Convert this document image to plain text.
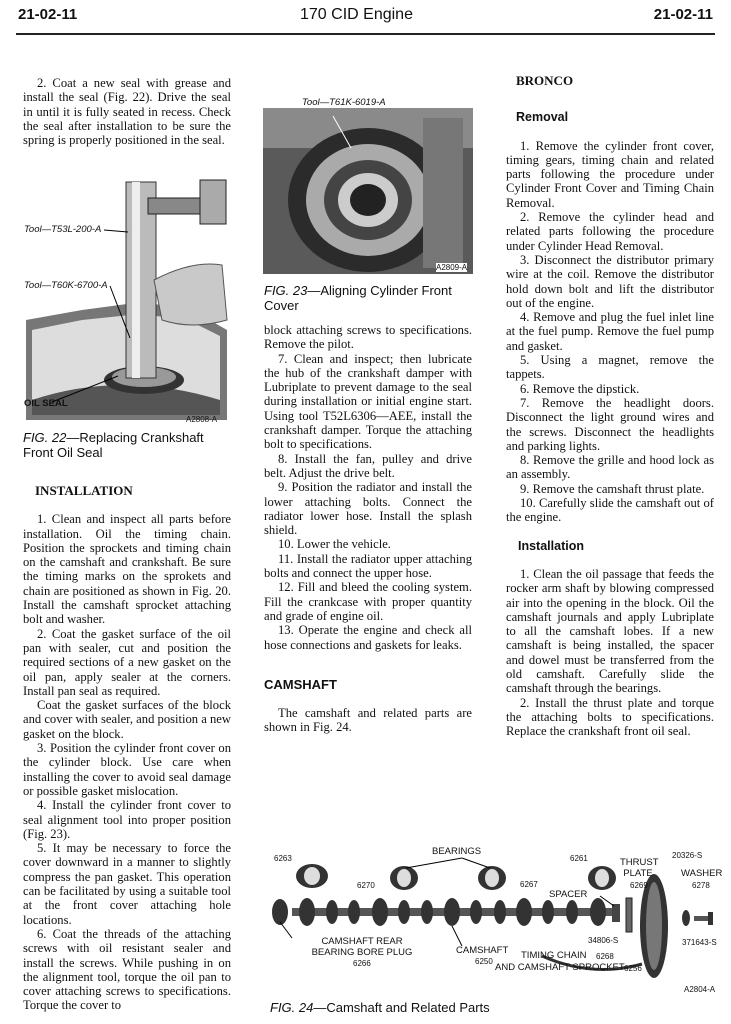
21-02-11	170 CID Engine	21-02-11

2. Coat a new seal with grease and install the seal (Fig. 22). Drive the seal in until it is fully seated in recess. Check the seal after installation to be sure the spring is properly positioned in the seal.

Tool—T53L-200-A
Tool—T60K-6700-A
OIL SEAL
A2808-A
FIG. 22—Replacing Crankshaft Front Oil Seal
INSTALLATION

1. Clean and inspect all parts before installation. Oil the timing chain. Position the sprockets and timing chain on the camshaft and crankshaft. Be sure the timing marks on the sprokets and chain are positioned as shown in Fig. 20. Install the camshaft sprocket attaching bolt and washer.

2. Coat the gasket surface of the oil pan with sealer, cut and position the required sections of a new gasket on the oil pan, apply sealer at the corners. Install pan seal as required.

Coat the gasket surfaces of the block and cover with sealer, and position a new gasket on the block.

3. Position the cylinder front cover on the cylinder block. Use care when installing the cover to avoid seal damage or possible gasket mislocation.

4. Install the cylinder front cover to seal alignment tool into proper position (Fig. 23).

5. It may be necessary to force the cover downward in a manner to slightly compress the pan gasket. This operation can be facilitated by using a suitable tool at the front cover attaching hole locations.

6. Coat the threads of the attaching screws with oil resistant sealer and install the screws. While pushing in on the alignment tool, torque the oil pan to cover attaching screws to specifications. Torque the cover to

Tool—T61K-6019-A
A2809-A
FIG. 23—Aligning Cylinder Front Cover

block attaching screws to specifications. Remove the pilot.

7. Clean and inspect; then lubricate the hub of the crankshaft damper with Lubriplate to prevent damage to the seal during installation or initial engine start. Using tool T52L6306—AEE, install the crankshaft damper. Torque the attaching bolt to specifications.

8. Install the fan, pulley and drive belt. Adjust the drive belt.

9. Position the radiator and install the lower attaching bolts. Connect the radiator lower hose. Install the splash shield.

10. Lower the vehicle.

11. Install the radiator upper attaching bolts and connect the upper hose.

12. Fill and bleed the cooling system. Fill the crankcase with proper quantity and grade of engine oil.

13. Operate the engine and check all hose connections and gaskets for leaks.

CAMSHAFT

The camshaft and related parts are shown in Fig. 24.

BRONCO
Removal

1. Remove the cylinder front cover, timing gears, timing chain and related parts following the procedure under Cylinder Front Cover and Timing Chain Removal.

2. Remove the cylinder head and related parts following the procedure under Cylinder Head Removal.

3. Disconnect the distributor primary wire at the coil. Remove the distributor hold down bolt and lift the distributor out of the engine.

4. Remove and plug the fuel inlet line at the fuel pump. Remove the fuel pump and gasket.

5. Using a magnet, remove the tappets.

6. Remove the dipstick.

7. Remove the headlight doors. Disconnect the light ground wires and the screws. Disconnect the headlights and parking lights.

8. Remove the grille and hood lock as an assembly.

9. Remove the camshaft thrust plate.

10. Carefully slide the camshaft out of the engine.

Installation

1. Clean the oil passage that feeds the rocker arm shaft by blowing compressed air into the opening in the block. Oil the camshaft journals and apply Lubriplate to all the camshaft lobes. If a new camshaft is being installed, the spacer and dowel must be transferred from the old camshaft. Carefully slide the camshaft through the bearings.

2. Install the thrust plate and torque the attaching bolts to specifications. Replace the crankshaft front oil seal.

BEARINGS
6263
6270	6267
6261	THRUST PLATE
6269
20326-S
WASHER
6278
SPACER
34806-S	371643-S
CAMSHAFT REAR BEARING BORE PLUG
6266
CAMSHAFT
6250
TIMING CHAIN 6268
AND CAMSHAFT SPROCKET 6256
A2804-A
FIG. 24—Camshaft and Related Parts
